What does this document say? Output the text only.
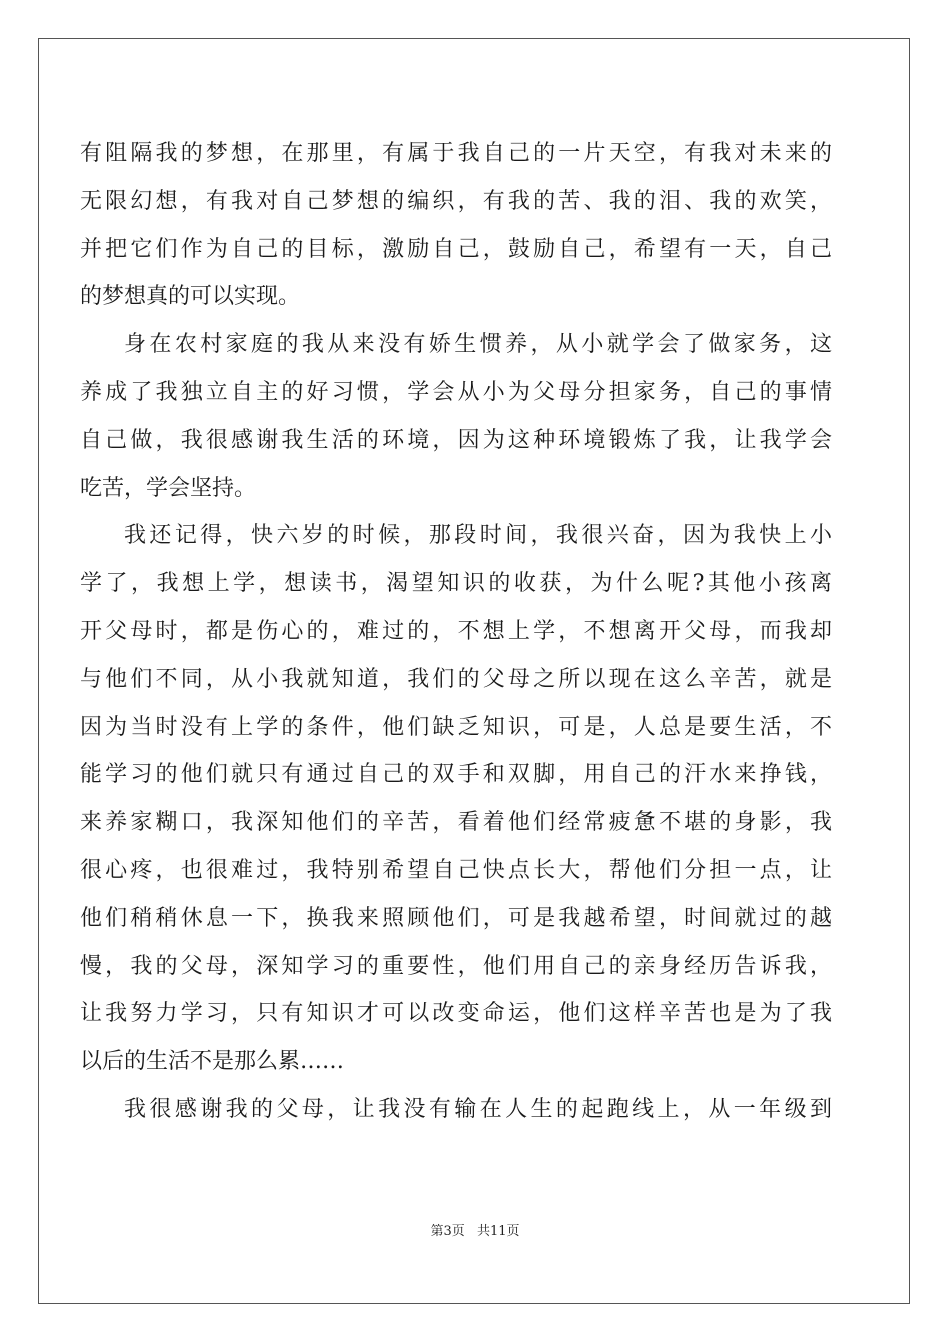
有阻隔我的梦想，在那里，有属于我自己的一片天空，有我对未来的
无限幻想，有我对自己梦想的编织，有我的苦、我的泪、我的欢笑，
并把它们作为自己的目标，激励自己，鼓励自己，希望有一天，自己
的梦想真的可以实现。
身在农村家庭的我从来没有娇生惯养，从小就学会了做家务，这
养成了我独立自主的好习惯，学会从小为父母分担家务，自己的事情
自己做，我很感谢我生活的环境，因为这种环境锻炼了我，让我学会
吃苦，学会坚持。
我还记得，快六岁的时候，那段时间，我很兴奋，因为我快上小
学了，我想上学，想读书，渴望知识的收获，为什么呢?其他小孩离
开父母时，都是伤心的，难过的，不想上学，不想离开父母，而我却
与他们不同，从小我就知道，我们的父母之所以现在这么辛苦，就是
因为当时没有上学的条件，他们缺乏知识，可是，人总是要生活，不
能学习的他们就只有通过自己的双手和双脚，用自己的汗水来挣钱，
来养家糊口，我深知他们的辛苦，看着他们经常疲惫不堪的身影，我
很心疼，也很难过，我特别希望自己快点长大，帮他们分担一点，让
他们稍稍休息一下，换我来照顾他们，可是我越希望，时间就过的越
慢，我的父母，深知学习的重要性，他们用自己的亲身经历告诉我，
让我努力学习，只有知识才可以改变命运，他们这样辛苦也是为了我
以后的生活不是那么累……
我很感谢我的父母，让我没有输在人生的起跑线上，从一年级到
第3页 共11页
